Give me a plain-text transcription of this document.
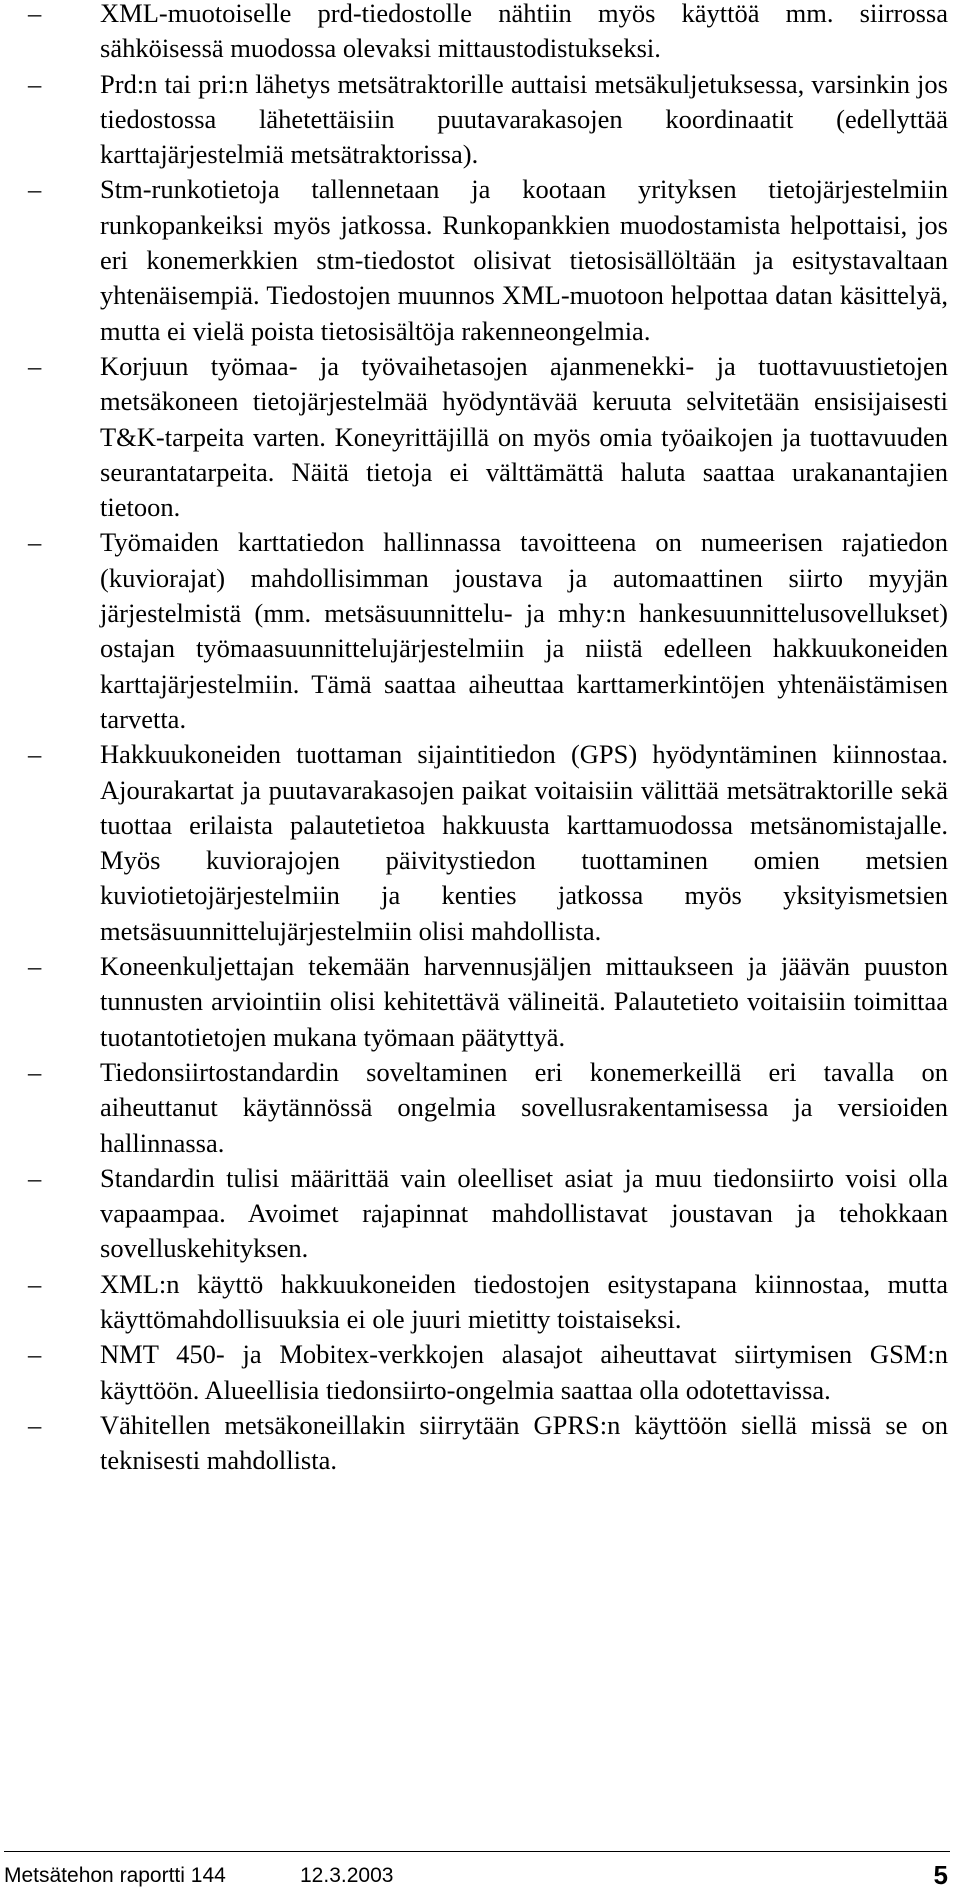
–	XML-muotoiselle prd-tiedostolle nähtiin myös käyttöä mm. siirrossa sähköisessä muodossa olevaksi mittaustodistukseksi.
–	Prd:n tai pri:n lähetys metsätraktorille auttaisi metsäkuljetuksessa, varsinkin jos tiedostossa lähetettäisiin puutavarakasojen koordinaatit (edellyttää karttajärjestelmiä metsätraktorissa).
–	Stm-runkotietoja tallennetaan ja kootaan yrityksen tietojärjestelmiin runkopankeiksi myös jatkossa. Runkopankkien muodostamista helpottaisi, jos eri konemerkkien stm-tiedostot olisivat tietosisällöltään ja esitystavaltaan yhtenäisempiä. Tiedostojen muunnos XML-muotoon helpottaa datan käsittelyä, mutta ei vielä poista tietosisältöja rakenneongelmia.
–	Korjuun työmaa- ja työvaihetasojen ajanmenekki- ja tuottavuustietojen metsäkoneen tietojärjestelmää hyödyntävää keruuta selvitetään ensisijaisesti T&K-tarpeita varten. Koneyrittäjillä on myös omia työaikojen ja tuottavuuden seurantatarpeita. Näitä tietoja ei välttämättä haluta saattaa urakanantajien tietoon.
–	Työmaiden karttatiedon hallinnassa tavoitteena on numeerisen rajatiedon (kuviorajat) mahdollisimman joustava ja automaattinen siirto myyjän järjestelmistä (mm. metsäsuunnittelu- ja mhy:n hankesuunnittelusovellukset) ostajan työmaasuunnittelujärjestelmiin ja niistä edelleen hakkuukoneiden karttajärjestelmiin. Tämä saattaa aiheuttaa karttamerkintöjen yhtenäistämisen tarvetta.
–	Hakkuukoneiden tuottaman sijaintitiedon (GPS) hyödyntäminen kiinnostaa. Ajourakartat ja puutavarakasojen paikat voitaisiin välittää metsätraktorille sekä tuottaa erilaista palautetietoa hakkuusta karttamuodossa metsänomistajalle. Myös kuviorajojen päivitystiedon tuottaminen omien metsien kuviotietojärjestelmiin ja kenties jatkossa myös yksityismetsien metsäsuunnittelujärjestelmiin olisi mahdollista.
–	Koneenkuljettajan tekemään harvennusjäljen mittaukseen ja jäävän puuston tunnusten arviointiin olisi kehitettävä välineitä. Palautetieto voitaisiin toimittaa tuotantotietojen mukana työmaan päätyttyä.
–	Tiedonsiirtostandardin soveltaminen eri konemerkeillä eri tavalla on aiheuttanut käytännössä ongelmia sovellusrakentamisessa ja versioiden hallinnassa.
–	Standardin tulisi määrittää vain oleelliset asiat ja muu tiedonsiirto voisi olla vapaampaa. Avoimet rajapinnat mahdollistavat joustavan ja tehokkaan sovelluskehityksen.
–	XML:n käyttö hakkuukoneiden tiedostojen esitystapana kiinnostaa, mutta käyttömahdollisuuksia ei ole juuri mietitty toistaiseksi.
–	NMT 450- ja Mobitex-verkkojen alasajot aiheuttavat siirtymisen GSM:n käyttöön. Alueellisia tiedonsiirto-ongelmia saattaa olla odotettavissa.
–	Vähitellen metsäkoneillakin siirrytään GPRS:n käyttöön siellä missä se on teknisesti mahdollista.
Metsätehon raportti 144	12.3.2003	5
